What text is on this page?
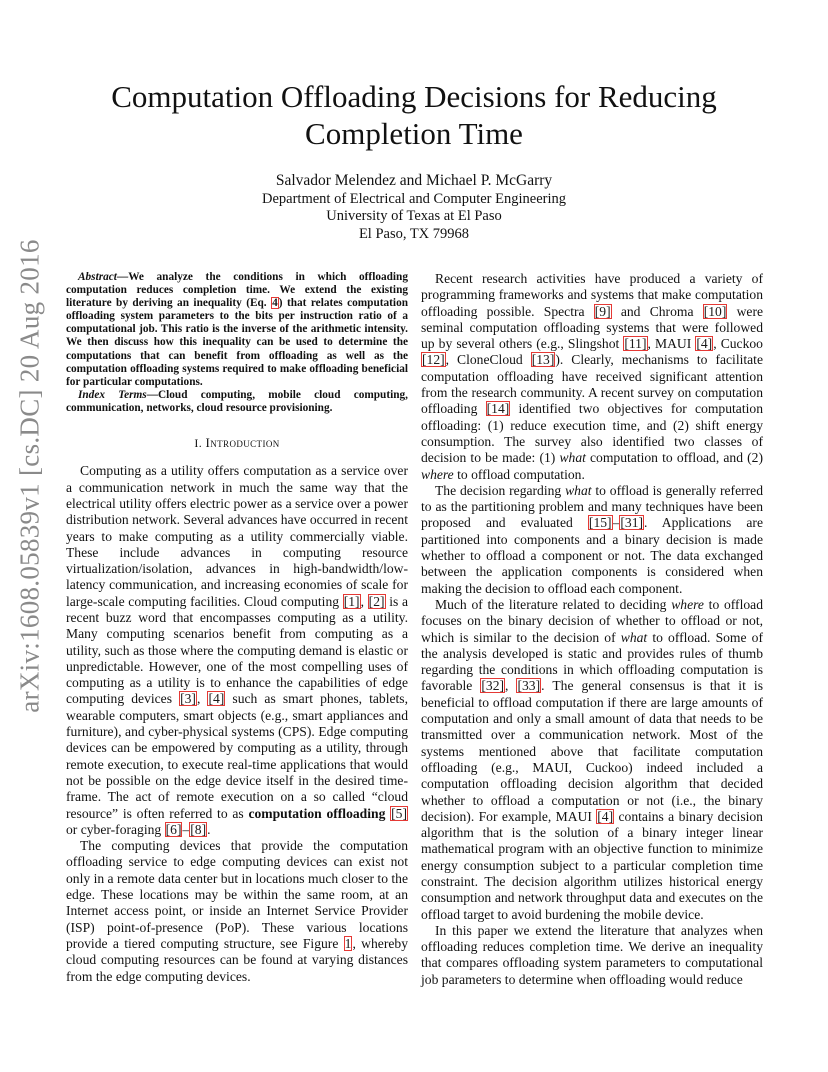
arXiv:1608.05839v1 [cs.DC] 20 Aug 2016
Computation Offloading Decisions for Reducing Completion Time
Salvador Melendez and Michael P. McGarry
Department of Electrical and Computer Engineering
University of Texas at El Paso
El Paso, TX 79968

Abstract—We analyze the conditions in which offloading computation reduces completion time. We extend the existing literature by deriving an inequality (Eq. 4) that relates computation offloading system parameters to the bits per instruction ratio of a computational job. This ratio is the inverse of the arithmetic intensity. We then discuss how this inequality can be used to determine the computations that can benefit from offloading as well as the computation offloading systems required to make offloading beneficial for particular computations.

Index Terms—Cloud computing, mobile cloud computing, communication, networks, cloud resource provisioning.

I. Introduction

Computing as a utility offers computation as a service over a communication network in much the same way that the electrical utility offers electric power as a service over a power distribution network. Several advances have occurred in recent years to make computing as a utility commercially viable. These include advances in computing resource virtualization/isolation, advances in high-bandwidth/low-latency communication, and increasing economies of scale for large-scale computing facilities. Cloud computing [1], [2] is a recent buzz word that encompasses computing as a utility. Many computing scenarios benefit from computing as a utility, such as those where the computing demand is elastic or unpredictable. However, one of the most compelling uses of computing as a utility is to enhance the capabilities of edge computing devices [3], [4] such as smart phones, tablets, wearable computers, smart objects (e.g., smart appliances and furniture), and cyber-physical systems (CPS). Edge computing devices can be empowered by computing as a utility, through remote execution, to execute real-time applications that would not be possible on the edge device itself in the desired time-frame. The act of remote execution on a so called “cloud resource” is often referred to as computation offloading [5] or cyber-foraging [6]–[8].

The computing devices that provide the computation offloading service to edge computing devices can exist not only in a remote data center but in locations much closer to the edge. These locations may be within the same room, at an Internet access point, or inside an Internet Service Provider (ISP) point-of-presence (PoP). These various locations provide a tiered computing structure, see Figure 1, whereby cloud computing resources can be found at varying distances from the edge computing devices.

Recent research activities have produced a variety of programming frameworks and systems that make computation offloading possible. Spectra [9] and Chroma [10] were seminal computation offloading systems that were followed up by several others (e.g., Slingshot [11], MAUI [4], Cuckoo [12], CloneCloud [13]). Clearly, mechanisms to facilitate computation offloading have received significant attention from the research community. A recent survey on computation offloading [14] identified two objectives for computation offloading: (1) reduce execution time, and (2) shift energy consumption. The survey also identified two classes of decision to be made: (1) what computation to offload, and (2) where to offload computation.

The decision regarding what to offload is generally referred to as the partitioning problem and many techniques have been proposed and evaluated [15]–[31]. Applications are partitioned into components and a binary decision is made whether to offload a component or not. The data exchanged between the application components is considered when making the decision to offload each component.

Much of the literature related to deciding where to offload focuses on the binary decision of whether to offload or not, which is similar to the decision of what to offload. Some of the analysis developed is static and provides rules of thumb regarding the conditions in which offloading computation is favorable [32], [33]. The general consensus is that it is beneficial to offload computation if there are large amounts of computation and only a small amount of data that needs to be transmitted over a communication network. Most of the systems mentioned above that facilitate computation offloading (e.g., MAUI, Cuckoo) indeed included a computation offloading decision algorithm that decided whether to offload a computation or not (i.e., the binary decision). For example, MAUI [4] contains a binary decision algorithm that is the solution of a binary integer linear mathematical program with an objective function to minimize energy consumption subject to a particular completion time constraint. The decision algorithm utilizes historical energy consumption and network throughput data and executes on the offload target to avoid burdening the mobile device.

In this paper we extend the literature that analyzes when offloading reduces completion time. We derive an inequality that compares offloading system parameters to computational job parameters to determine when offloading would reduce
